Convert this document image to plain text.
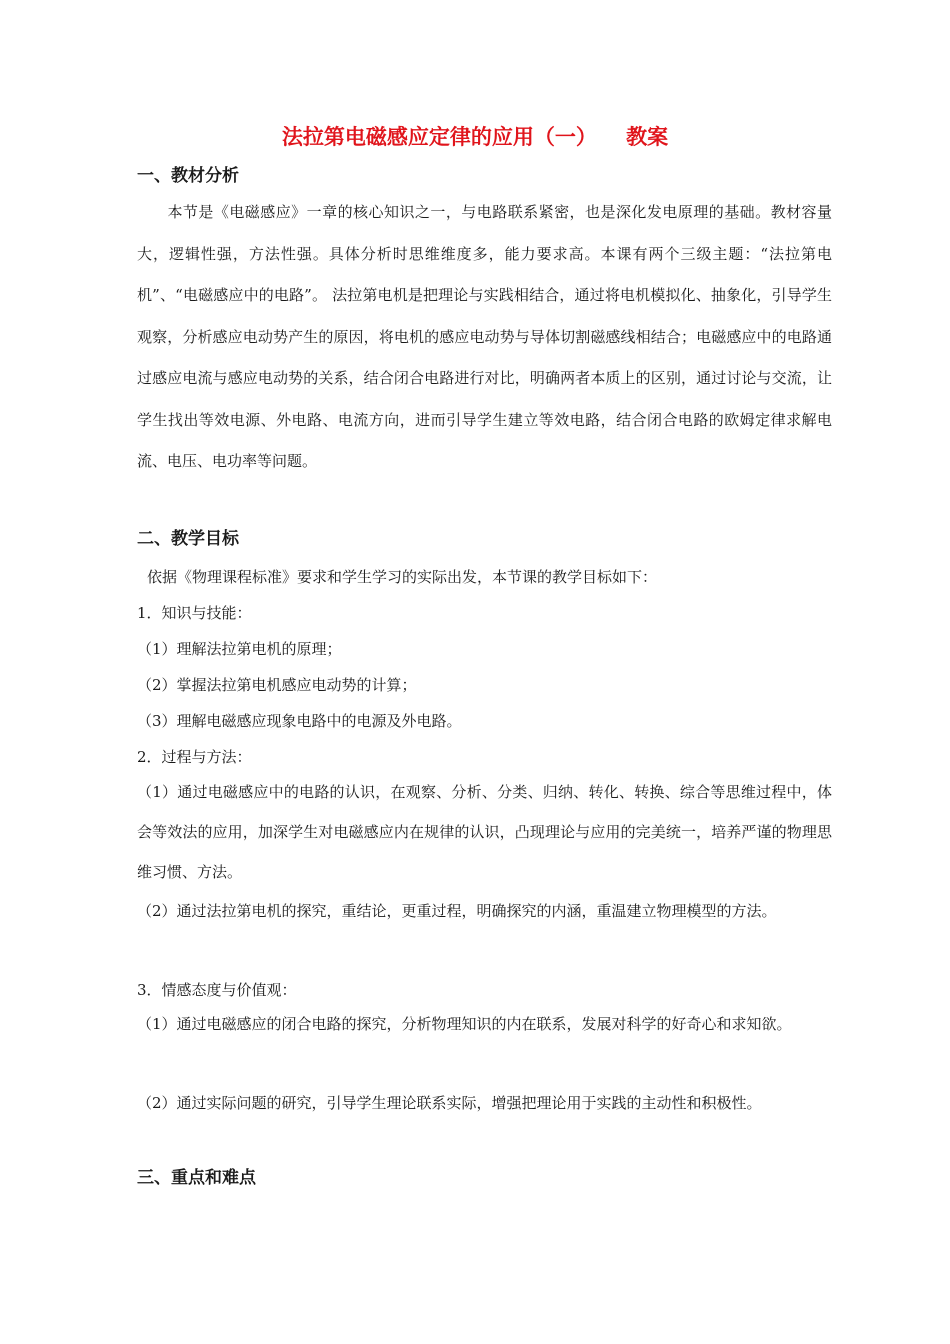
法拉第电磁感应定律的应用（一）    教案
一、教材分析
本节是《电磁感应》一章的核心知识之一，与电路联系紧密，也是深化发电原理的基础。教材容量大，逻辑性强，方法性强。具体分析时思维维度多，能力要求高。本课有两个三级主题：“法拉第电机”、“电磁感应中的电路”。 法拉第电机是把理论与实践相结合，通过将电机模拟化、抽象化，引导学生观察，分析感应电动势产生的原因，将电机的感应电动势与导体切割磁感线相结合；电磁感应中的电路通过感应电流与感应电动势的关系，结合闭合电路进行对比，明确两者本质上的区别，通过讨论与交流，让学生找出等效电源、外电路、电流方向，进而引导学生建立等效电路，结合闭合电路的欧姆定律求解电流、电压、电功率等问题。
二、教学目标
依据《物理课程标准》要求和学生学习的实际出发，本节课的教学目标如下：
1．知识与技能：
（1）理解法拉第电机的原理；
（2）掌握法拉第电机感应电动势的计算；
（3）理解电磁感应现象电路中的电源及外电路。
2．过程与方法：
（1）通过电磁感应中的电路的认识，在观察、分析、分类、归纳、转化、转换、综合等思维过程中，体会等效法的应用，加深学生对电磁感应内在规律的认识，凸现理论与应用的完美统一，培养严谨的物理思维习惯、方法。
（2）通过法拉第电机的探究，重结论，更重过程，明确探究的内涵，重温建立物理模型的方法。
3．情感态度与价值观：
（1）通过电磁感应的闭合电路的探究，分析物理知识的内在联系，发展对科学的好奇心和求知欲。
（2）通过实际问题的研究，引导学生理论联系实际，增强把理论用于实践的主动性和积极性。
三、重点和难点
